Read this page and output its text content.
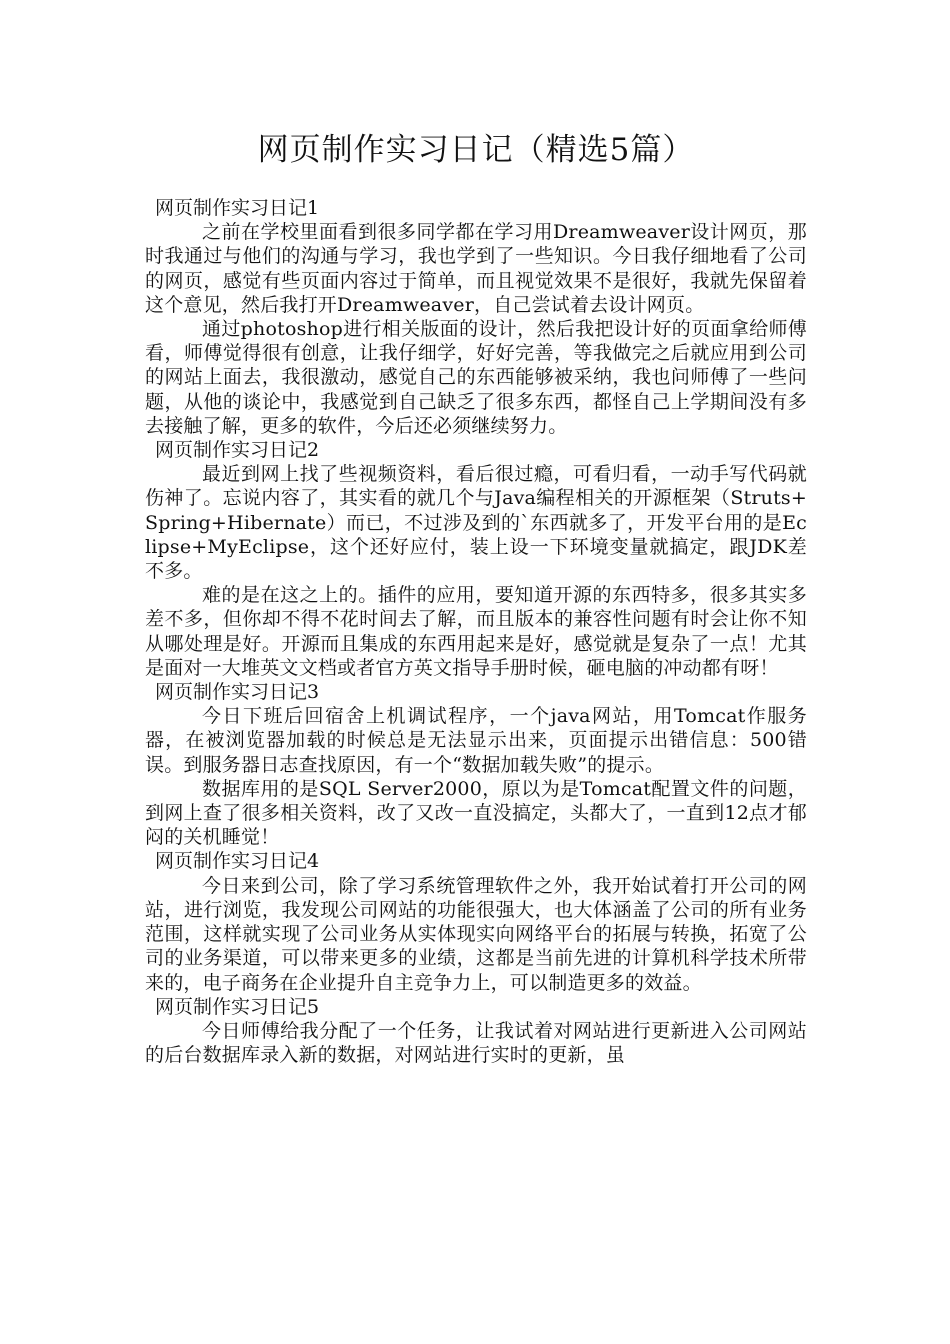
网页制作实习日记（精选5篇）
网页制作实习日记1

之前在学校里面看到很多同学都在学习用Dreamweaver设计网页，那时我通过与他们的沟通与学习，我也学到了一些知识。今日我仔细地看了公司的网页，感觉有些页面内容过于简单，而且视觉效果不是很好，我就先保留着这个意见，然后我打开Dreamweaver，自己尝试着去设计网页。

通过photoshop进行相关版面的设计，然后我把设计好的页面拿给师傅看，师傅觉得很有创意，让我仔细学，好好完善，等我做完之后就应用到公司的网站上面去，我很激动，感觉自己的东西能够被采纳，我也问师傅了一些问题，从他的谈论中，我感觉到自己缺乏了很多东西，都怪自己上学期间没有多去接触了解，更多的软件，今后还必须继续努力。

网页制作实习日记2

最近到网上找了些视频资料，看后很过瘾，可看归看，一动手写代码就伤神了。忘说内容了，其实看的就几个与Java编程相关的开源框架（Struts+Spring+Hibernate）而已，不过涉及到的`东西就多了，开发平台用的是Eclipse+MyEclipse，这个还好应付，装上设一下环境变量就搞定，跟JDK差不多。

难的是在这之上的。插件的应用，要知道开源的东西特多，很多其实多差不多，但你却不得不花时间去了解，而且版本的兼容性问题有时会让你不知从哪处理是好。开源而且集成的东西用起来是好，感觉就是复杂了一点！尤其是面对一大堆英文文档或者官方英文指导手册时候，砸电脑的冲动都有呀！

网页制作实习日记3

今日下班后回宿舍上机调试程序，一个java网站，用Tomcat作服务器，在被浏览器加载的时候总是无法显示出来，页面提示出错信息：500错误。到服务器日志查找原因，有一个“数据加载失败”的提示。

数据库用的是SQL Server2000，原以为是Tomcat配置文件的问题，到网上查了很多相关资料，改了又改一直没搞定，头都大了，一直到12点才郁闷的关机睡觉！

网页制作实习日记4

今日来到公司，除了学习系统管理软件之外，我开始试着打开公司的网站，进行浏览，我发现公司网站的功能很强大，也大体涵盖了公司的所有业务范围，这样就实现了公司业务从实体现实向网络平台的拓展与转换，拓宽了公司的业务渠道，可以带来更多的业绩，这都是当前先进的计算机科学技术所带来的，电子商务在企业提升自主竞争力上，可以制造更多的效益。

网页制作实习日记5

今日师傅给我分配了一个任务，让我试着对网站进行更新进入公司网站的后台数据库录入新的数据，对网站进行实时的更新，虽
